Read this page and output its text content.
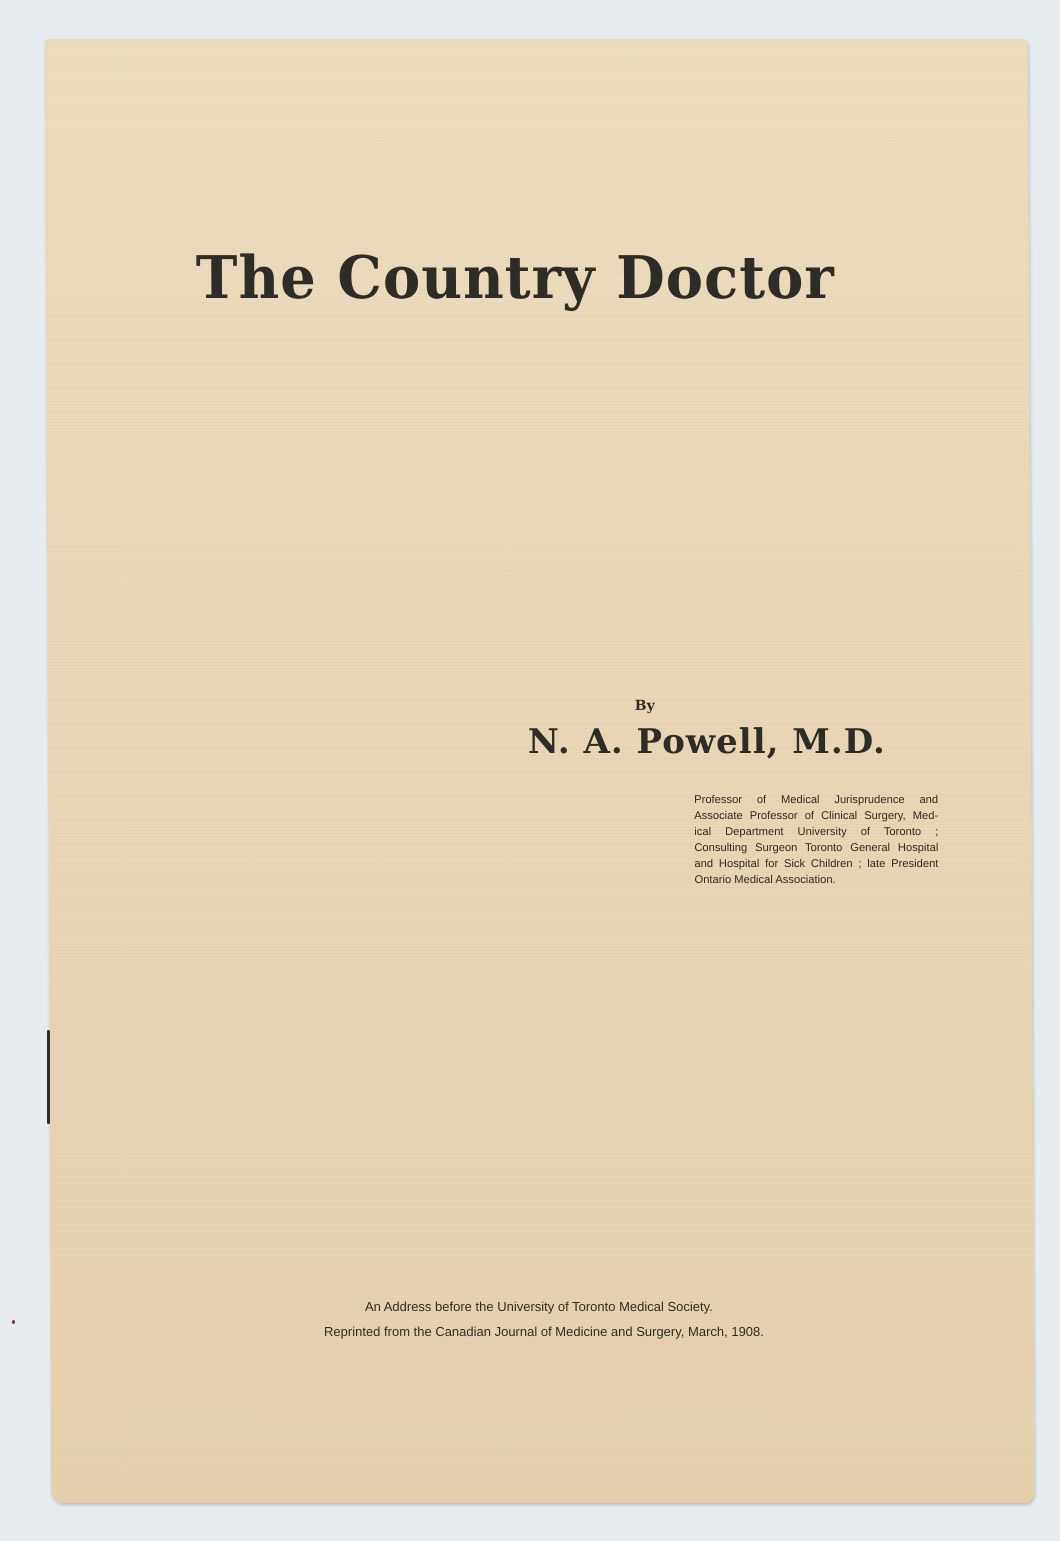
The Country Doctor
By
N. A. Powell, M.D.
Professor of Medical Jurisprudence and
Associate Professor of Clinical Surgery, Med-
ical Department University of Toronto ;
Consulting Surgeon Toronto General Hospital
and Hospital for Sick Children ; late President
Ontario Medical Association.
An Address before the University of Toronto Medical Society.
Reprinted from the Canadian Journal of Medicine and Surgery, March, 1908.
